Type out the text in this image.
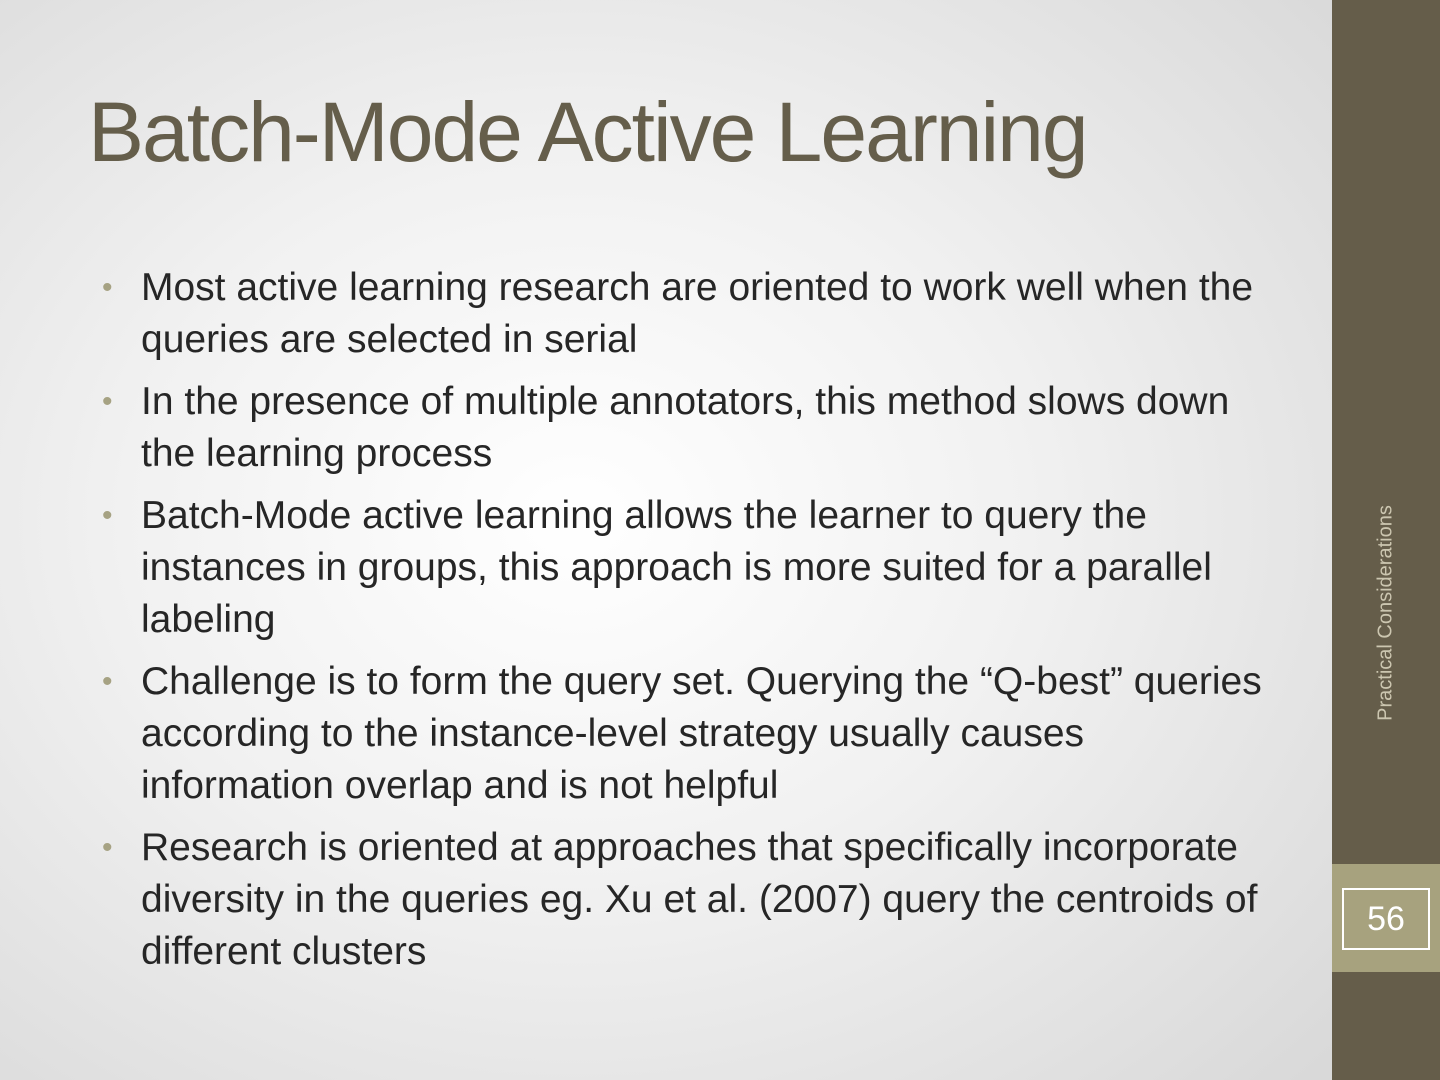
Batch-Mode Active Learning
• Most active learning research are oriented to work well when the queries are selected in serial
• In the presence of multiple annotators, this method slows down the learning process
• Batch-Mode active learning allows the learner to query the instances in groups, this approach is more suited for a parallel labeling
• Challenge is to form the query set. Querying the “Q-best” queries according to the instance-level strategy usually causes information overlap and is not helpful
• Research is oriented at approaches that specifically incorporate diversity in the queries eg. Xu et al. (2007) query the centroids of different clusters
Practical Considerations
56
